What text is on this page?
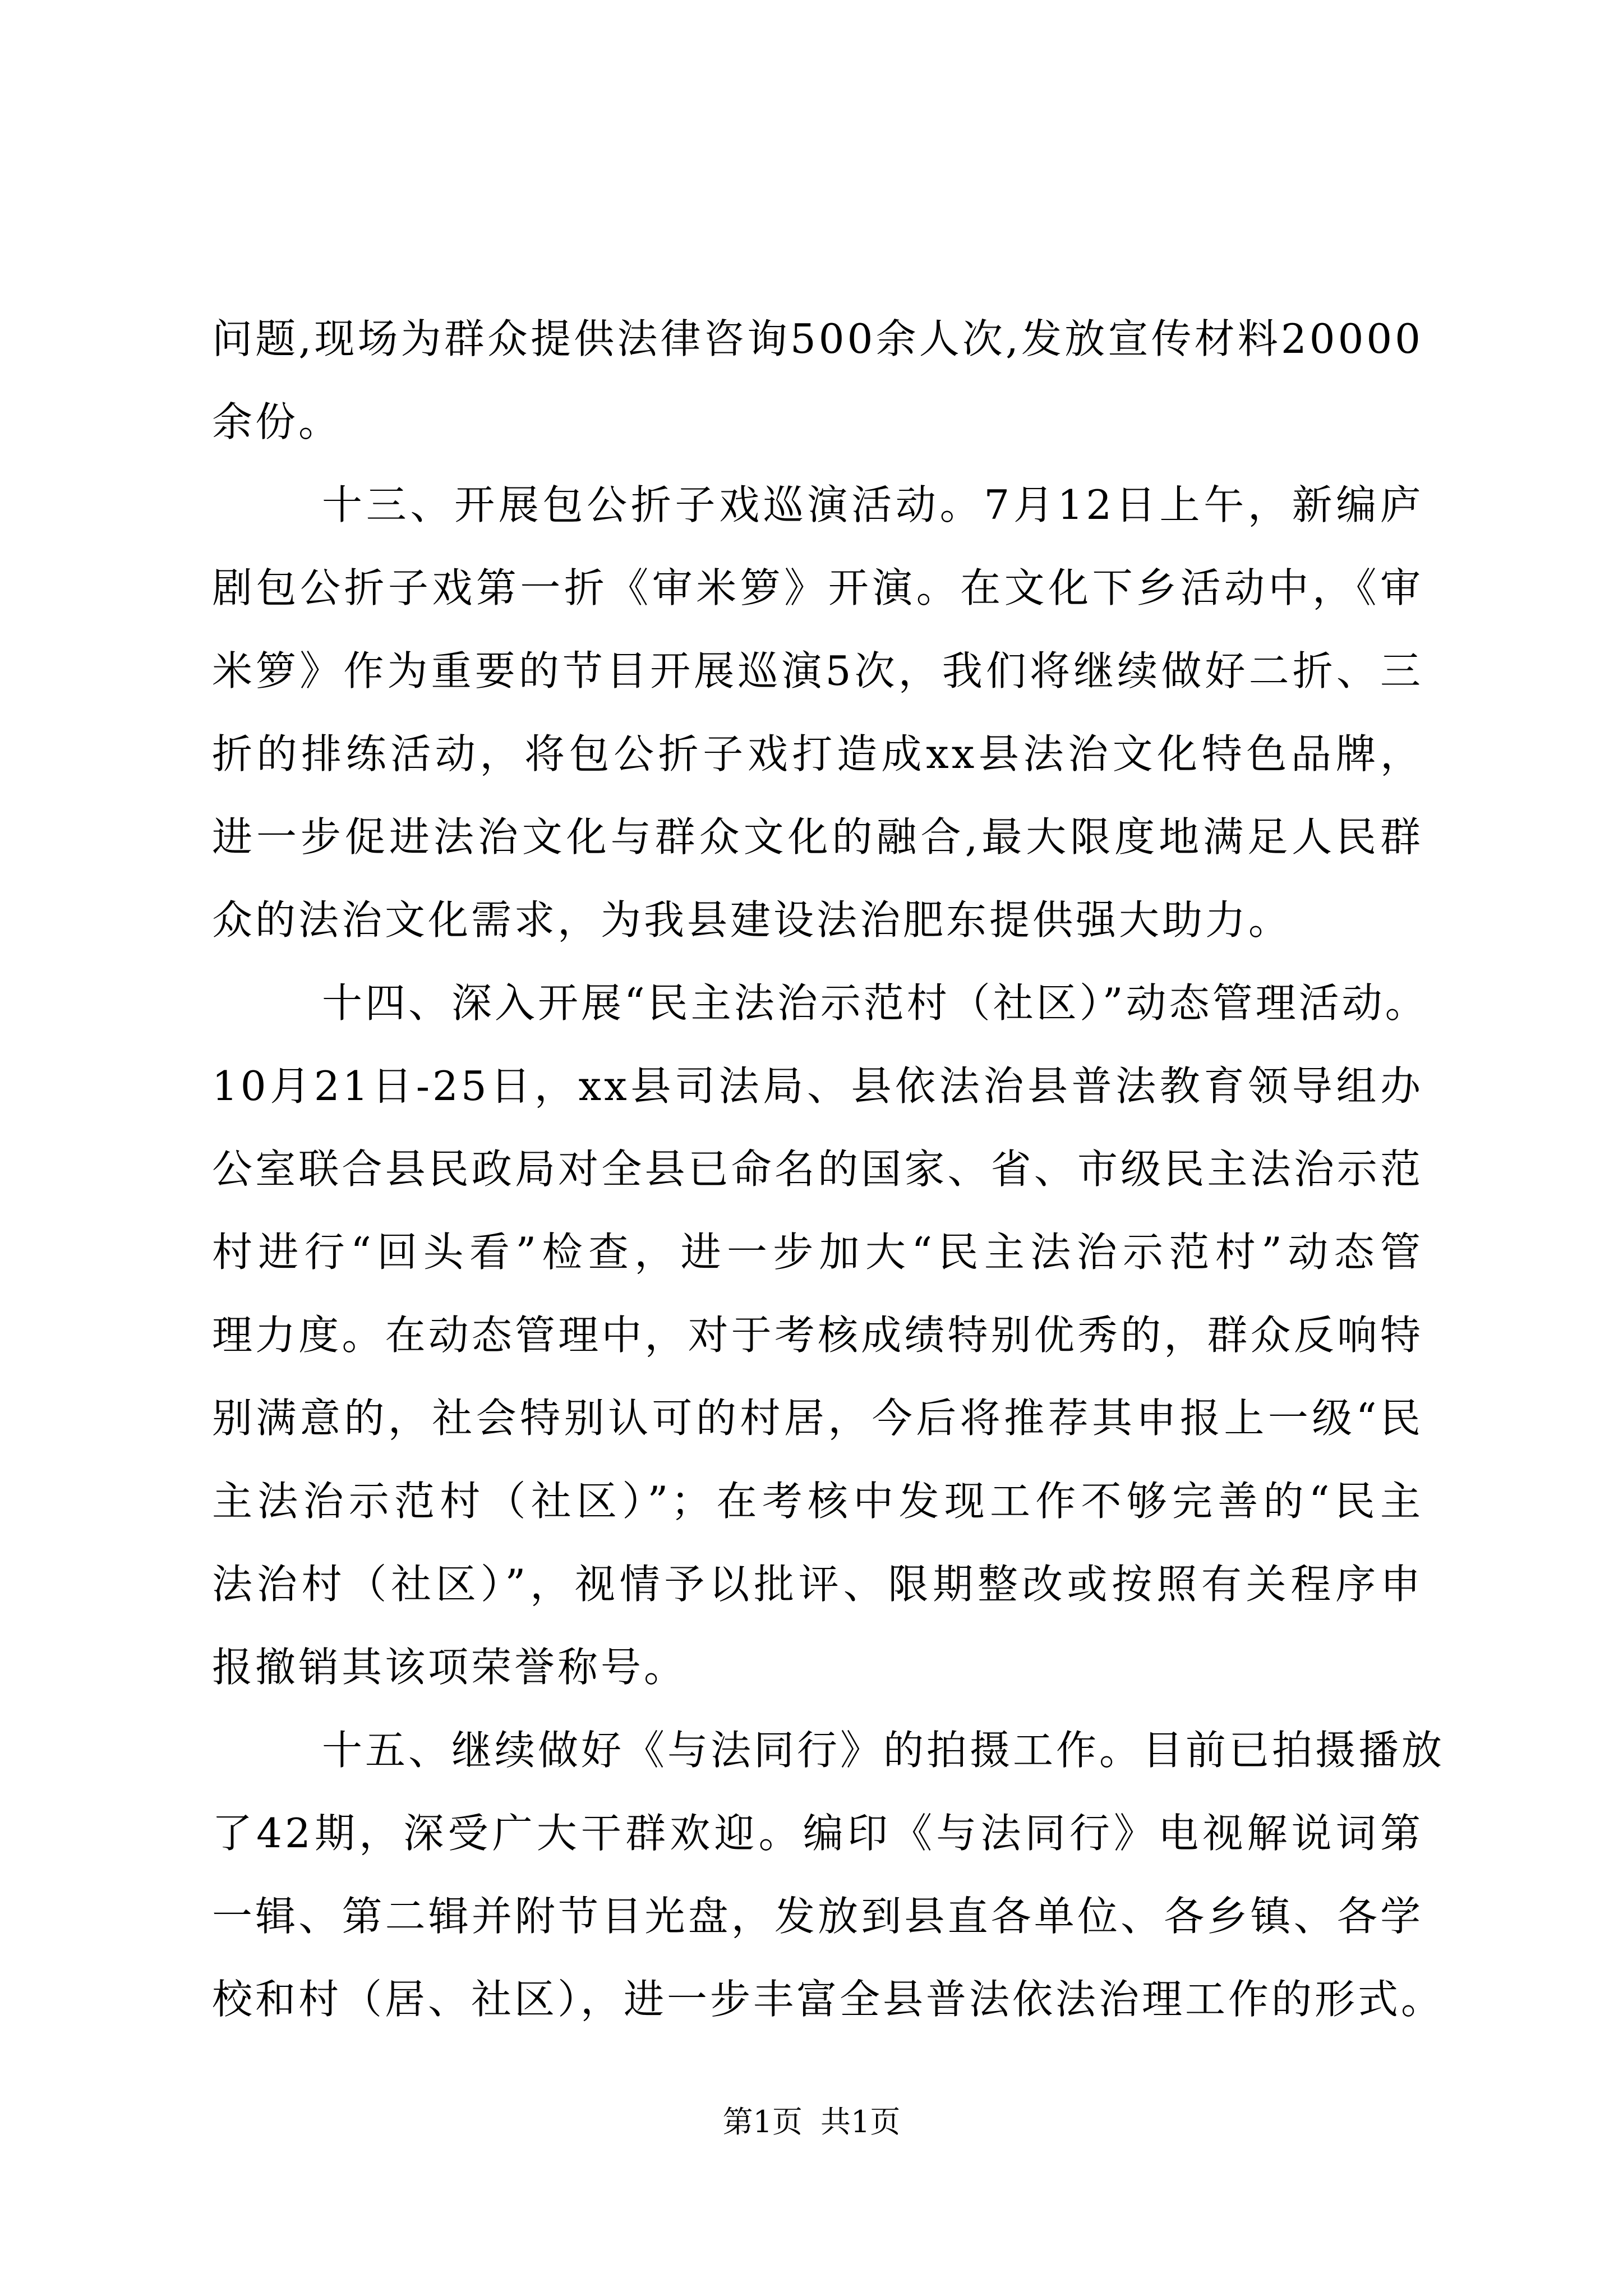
问题,现场为群众提供法律咨询500余人次,发放宣传材料20000
余份。
十三、开展包公折子戏巡演活动。7月12日上午，新编庐
剧包公折子戏第一折《审米箩》开演。在文化下乡活动中，《审
米箩》作为重要的节目开展巡演5次，我们将继续做好二折、三
折的排练活动，将包公折子戏打造成xx县法治文化特色品牌，
进一步促进法治文化与群众文化的融合,最大限度地满足人民群
众的法治文化需求，为我县建设法治肥东提供强大助力。
十四、深入开展“民主法治示范村（社区）”动态管理活动。
10月21日-25日，xx县司法局、县依法治县普法教育领导组办
公室联合县民政局对全县已命名的国家、省、市级民主法治示范
村进行“回头看”检查，进一步加大“民主法治示范村”动态管
理力度。在动态管理中，对于考核成绩特别优秀的，群众反响特
别满意的，社会特别认可的村居，今后将推荐其申报上一级“民
主法治示范村（社区）”；在考核中发现工作不够完善的“民主
法治村（社区）”，视情予以批评、限期整改或按照有关程序申
报撤销其该项荣誉称号。
十五、继续做好《与法同行》的拍摄工作。目前已拍摄播放
了42期，深受广大干群欢迎。编印《与法同行》电视解说词第
一辑、第二辑并附节目光盘，发放到县直各单位、各乡镇、各学
校和村（居、社区），进一步丰富全县普法依法治理工作的形式。
第1页 共1页
